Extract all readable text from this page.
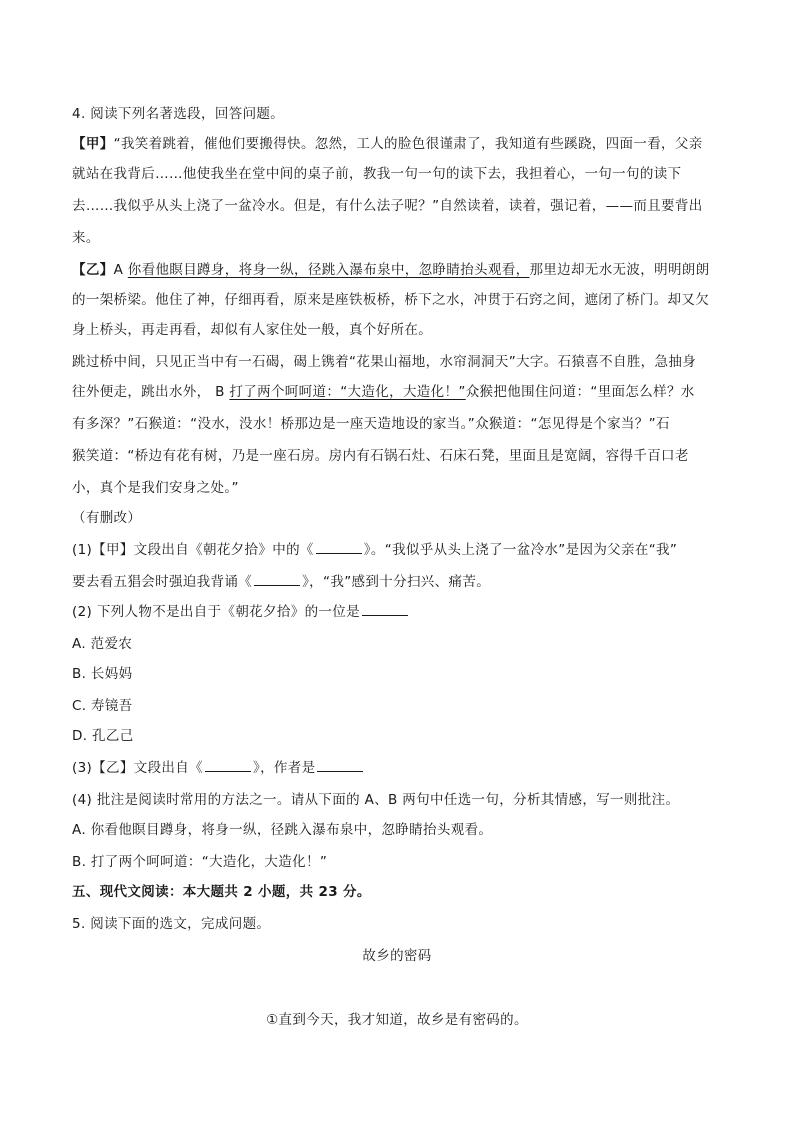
4. 阅读下列名著选段，回答问题。
【甲】“我笑着跳着，催他们要搬得快。忽然，工人的脸色很谨肃了，我知道有些蹊跷，四面一看，父亲
就站在我背后……他使我坐在堂中间的桌子前，教我一句一句的读下去，我担着心，一句一句的读下
去……我似乎从头上浇了一盆冷水。但是，有什么法子呢？”自然读着，读着，强记着，——而且要背出
来。
【乙】A 你看他瞑目蹲身，将身一纵，径跳入瀑布泉中，忽睁睛抬头观看，那里边却无水无波，明明朗朗
的一架桥梁。他住了神，仔细再看，原来是座铁板桥，桥下之水，冲贯于石窍之间，遮闭了桥门。却又欠
身上桥头，再走再看，却似有人家住处一般，真个好所在。
跳过桥中间，只见正当中有一石碣，碣上镌着“花果山福地，水帘洞洞天”大字。石猿喜不自胜，急抽身
往外便走，跳出水外， B 打了两个呵呵道：“大造化，大造化！”众猴把他围住问道：“里面怎么样？水
有多深？”石猴道：“没水，没水！桥那边是一座天造地设的家当。”众猴道：“怎见得是个家当？”石
猴笑道：“桥边有花有树，乃是一座石房。房内有石锅石灶、石床石凳，里面且是宽阔，容得千百口老
小，真个是我们安身之处。”
（有删改）
(1)【甲】文段出自《朝花夕拾》中的《	》。“我似乎从头上浇了一盆冷水”是因为父亲在“我”
要去看五猖会时强迫我背诵《	》，“我”感到十分扫兴、痛苦。
(2) 下列人物不是出自于《朝花夕拾》的一位是
A. 范爱农
B. 长妈妈
C. 寿镜吾
D. 孔乙己
(3)【乙】文段出自《	》，作者是
(4) 批注是阅读时常用的方法之一。请从下面的 A、B 两句中任选一句，分析其情感，写一则批注。
A. 你看他瞑目蹲身，将身一纵，径跳入瀑布泉中，忽睁睛抬头观看。
B. 打了两个呵呵道：“大造化，大造化！”
五、现代文阅读：本大题共 2 小题，共 23 分。
5. 阅读下面的选文，完成问题。
故乡的密码
①直到今天，我才知道，故乡是有密码的。
